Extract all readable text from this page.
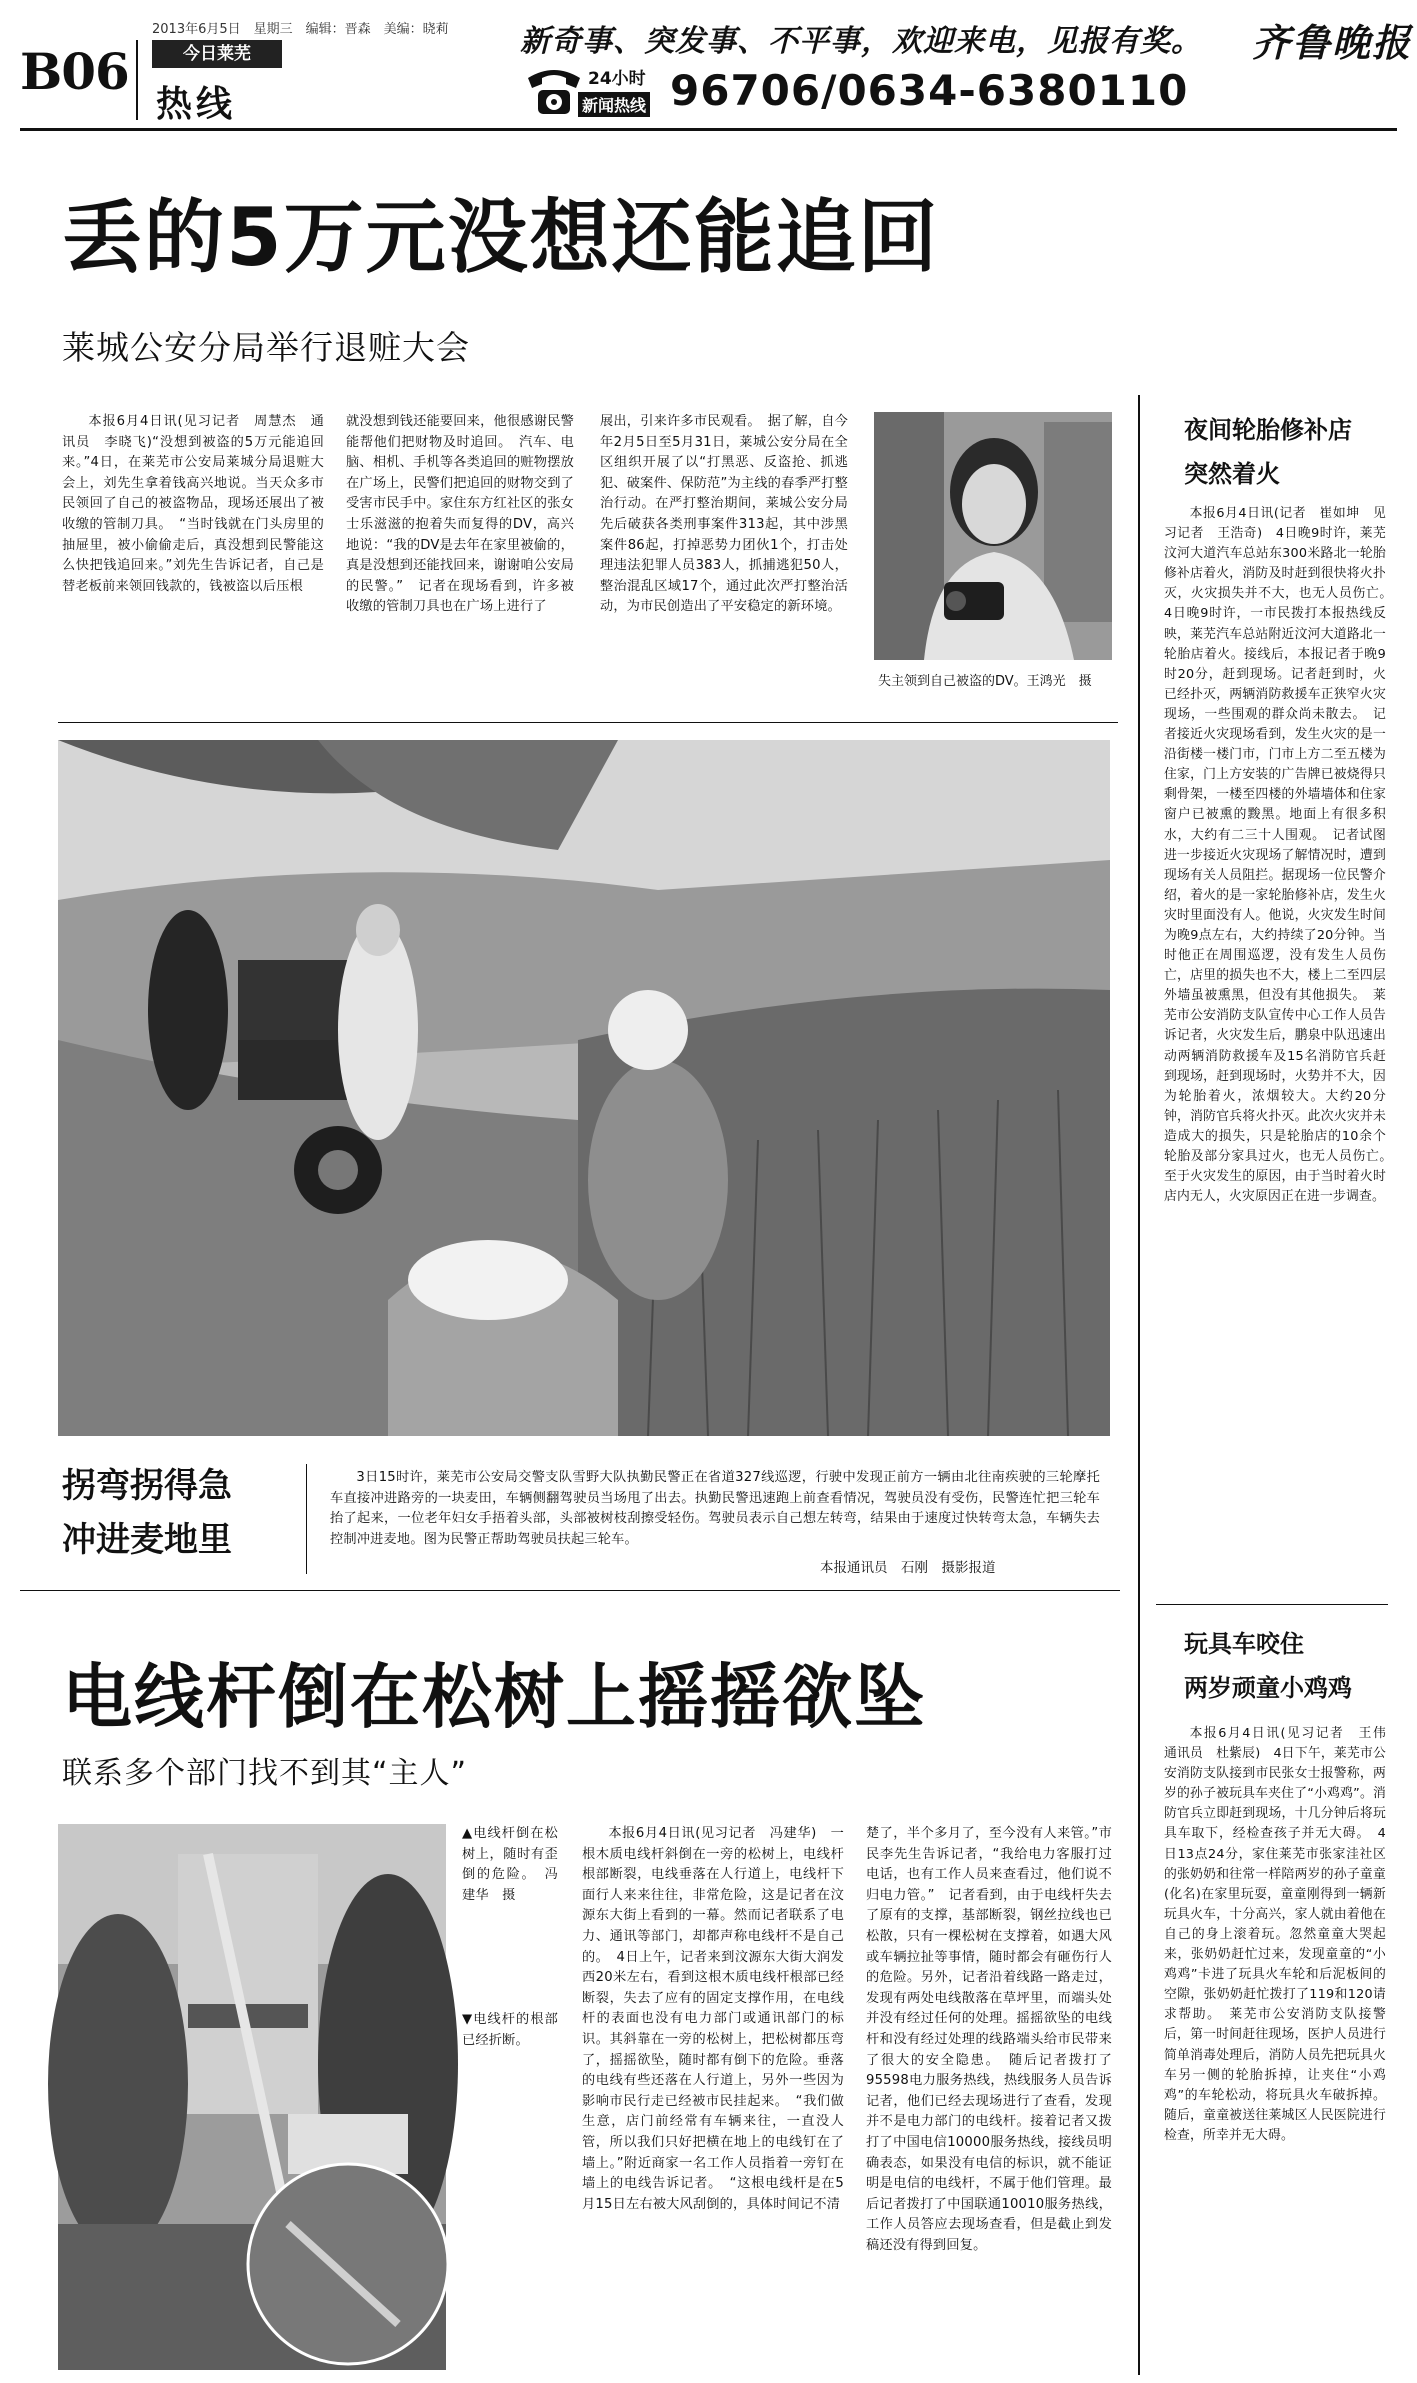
B06
2013年6月5日　星期三　编辑：晋森　美编：晓莉
今日莱芜
热线
新奇事、突发事、不平事，欢迎来电，见报有奖。
24小时
新闻热线 96706/0634-6380110
齐鲁晚报
丢的5万元没想还能追回
莱城公安分局举行退赃大会

本报6月4日讯(见习记者　周慧杰　通讯员　李晓飞)“没想到被盗的5万元能追回来。”4日，在莱芜市公安局莱城分局退赃大会上，刘先生拿着钱高兴地说。当天众多市民领回了自己的被盗物品，现场还展出了被收缴的管制刀具。　“当时钱就在门头房里的抽屉里，被小偷偷走后，真没想到民警能这么快把钱追回来。”刘先生告诉记者，自己是替老板前来领回钱款的，钱被盗以后压根

就没想到钱还能要回来，他很感谢民警能帮他们把财物及时追回。　汽车、电脑、相机、手机等各类追回的赃物摆放在广场上，民警们把追回的财物交到了受害市民手中。家住东方红社区的张女士乐滋滋的抱着失而复得的DV，高兴地说：“我的DV是去年在家里被偷的，真是没想到还能找回来，谢谢咱公安局的民警。”　记者在现场看到，许多被收缴的管制刀具也在广场上进行了

展出，引来许多市民观看。　据了解，自今年2月5日至5月31日，莱城公安分局在全区组织开展了以“打黑恶、反盗抢、抓逃犯、破案件、保防范”为主线的春季严打整治行动。在严打整治期间，莱城公安分局先后破获各类刑事案件313起，其中涉黑案件86起，打掉恶势力团伙1个，打击处理违法犯罪人员383人，抓捕逃犯50人，整治混乱区域17个，通过此次严打整治活动，为市民创造出了平安稳定的新环境。

失主领到自己被盗的DV。王鸿光　摄
拐弯拐得急
冲进麦地里

3日15时许，莱芜市公安局交警支队雪野大队执勤民警正在省道327线巡逻，行驶中发现正前方一辆由北往南疾驶的三轮摩托车直接冲进路旁的一块麦田，车辆侧翻驾驶员当场甩了出去。执勤民警迅速跑上前查看情况，驾驶员没有受伤，民警连忙把三轮车抬了起来，一位老年妇女手捂着头部，头部被树枝刮擦受轻伤。驾驶员表示自己想左转弯，结果由于速度过快转弯太急，车辆失去控制冲进麦地。图为民警正帮助驾驶员扶起三轮车。

本报通讯员　石刚　摄影报道
电线杆倒在松树上摇摇欲坠
联系多个部门找不到其“主人”

▲电线杆倒在松树上，随时有歪倒的危险。　冯建华　摄

▼电线杆的根部已经折断。

本报6月4日讯(见习记者　冯建华)　一根木质电线杆斜倒在一旁的松树上，电线杆根部断裂，电线垂落在人行道上，电线杆下面行人来来往往，非常危险，这是记者在汶源东大街上看到的一幕。然而记者联系了电力、通讯等部门，却都声称电线杆不是自己的。　4日上午，记者来到汶源东大街大润发西20米左右，看到这根木质电线杆根部已经断裂，失去了应有的固定支撑作用，在电线杆的表面也没有电力部门或通讯部门的标识。其斜靠在一旁的松树上，把松树都压弯了，摇摇欲坠，随时都有倒下的危险。垂落的电线有些还落在人行道上，另外一些因为影响市民行走已经被市民挂起来。　“我们做生意，店门前经常有车辆来往，一直没人管，所以我们只好把横在地上的电线钉在了墙上。”附近商家一名工作人员指着一旁钉在墙上的电线告诉记者。　“这根电线杆是在5月15日左右被大风刮倒的，具体时间记不清

楚了，半个多月了，至今没有人来管。”市民李先生告诉记者，“我给电力客服打过电话，也有工作人员来查看过，他们说不归电力管。”　记者看到，由于电线杆失去了原有的支撑，基部断裂，钢丝拉线也已松散，只有一棵松树在支撑着，如遇大风或车辆拉扯等事情，随时都会有砸伤行人的危险。另外，记者沿着线路一路走过，发现有两处电线散落在草坪里，而端头处并没有经过任何的处理。摇摇欲坠的电线杆和没有经过处理的线路端头给市民带来了很大的安全隐患。　随后记者拨打了95598电力服务热线，热线服务人员告诉记者，他们已经去现场进行了查看，发现并不是电力部门的电线杆。接着记者又拨打了中国电信10000服务热线，接线员明确表态，如果没有电信的标识，就不能证明是电信的电线杆，不属于他们管理。最后记者拨打了中国联通10010服务热线，工作人员答应去现场查看，但是截止到发稿还没有得到回复。

夜间轮胎修补店
突然着火

本报6月4日讯(记者　崔如坤　见习记者　王浩奇)　4日晚9时许，莱芜汶河大道汽车总站东300米路北一轮胎修补店着火，消防及时赶到很快将火扑灭，火灾损失并不大，也无人员伤亡。　4日晚9时许，一市民拨打本报热线反映，莱芜汽车总站附近汶河大道路北一轮胎店着火。接线后，本报记者于晚9时20分，赶到现场。记者赶到时，火已经扑灭，两辆消防救援车正狭窄火灾现场，一些围观的群众尚未散去。　记者接近火灾现场看到，发生火灾的是一沿街楼一楼门市，门市上方二至五楼为住家，门上方安装的广告牌已被烧得只剩骨架，一楼至四楼的外墙墙体和住家窗户已被熏的黢黑。地面上有很多积水，大约有二三十人围观。　记者试图进一步接近火灾现场了解情况时，遭到现场有关人员阻拦。据现场一位民警介绍，着火的是一家轮胎修补店，发生火灾时里面没有人。他说，火灾发生时间为晚9点左右，大约持续了20分钟。当时他正在周围巡逻，没有发生人员伤亡，店里的损失也不大，楼上二至四层外墙虽被熏黑，但没有其他损失。　莱芜市公安消防支队宣传中心工作人员告诉记者，火灾发生后，鹏泉中队迅速出动两辆消防救援车及15名消防官兵赶到现场，赶到现场时，火势并不大，因为轮胎着火，浓烟较大。大约20分钟，消防官兵将火扑灭。此次火灾并未造成大的损失，只是轮胎店的10余个轮胎及部分家具过火，也无人员伤亡。　至于火灾发生的原因，由于当时着火时店内无人，火灾原因正在进一步调查。

玩具车咬住
两岁顽童小鸡鸡

本报6月4日讯(见习记者　王伟　通讯员　杜紫辰)　4日下午，莱芜市公安消防支队接到市民张女士报警称，两岁的孙子被玩具车夹住了“小鸡鸡”。消防官兵立即赶到现场，十几分钟后将玩具车取下，经检查孩子并无大碍。　4日13点24分，家住莱芜市张家洼社区的张奶奶和往常一样陪两岁的孙子童童(化名)在家里玩耍，童童刚得到一辆新玩具火车，十分高兴，家人就由着他在自己的身上滚着玩。忽然童童大哭起来，张奶奶赶忙过来，发现童童的“小鸡鸡”卡进了玩具火车轮和后泥板间的空隙，张奶奶赶忙拨打了119和120请求帮助。　莱芜市公安消防支队接警后，第一时间赶往现场，医护人员进行简单消毒处理后，消防人员先把玩具火车另一侧的轮胎拆掉，让夹住“小鸡鸡”的车轮松动，将玩具火车破拆掉。随后，童童被送往莱城区人民医院进行检查，所幸并无大碍。
